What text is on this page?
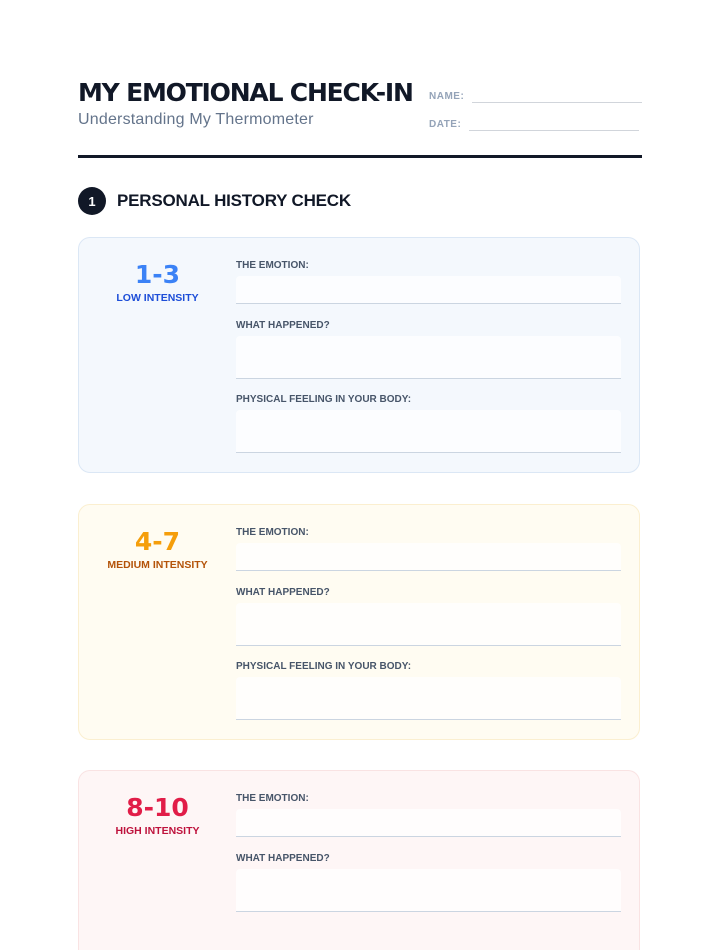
MY EMOTIONAL CHECK-IN
Understanding My Thermometer
NAME:
DATE:
1	PERSONAL HISTORY CHECK
1-3
LOW INTENSITY
THE EMOTION:
WHAT HAPPENED?
PHYSICAL FEELING IN YOUR BODY:
4-7
MEDIUM INTENSITY
THE EMOTION:
WHAT HAPPENED?
PHYSICAL FEELING IN YOUR BODY:
8-10
HIGH INTENSITY
THE EMOTION:
WHAT HAPPENED?
